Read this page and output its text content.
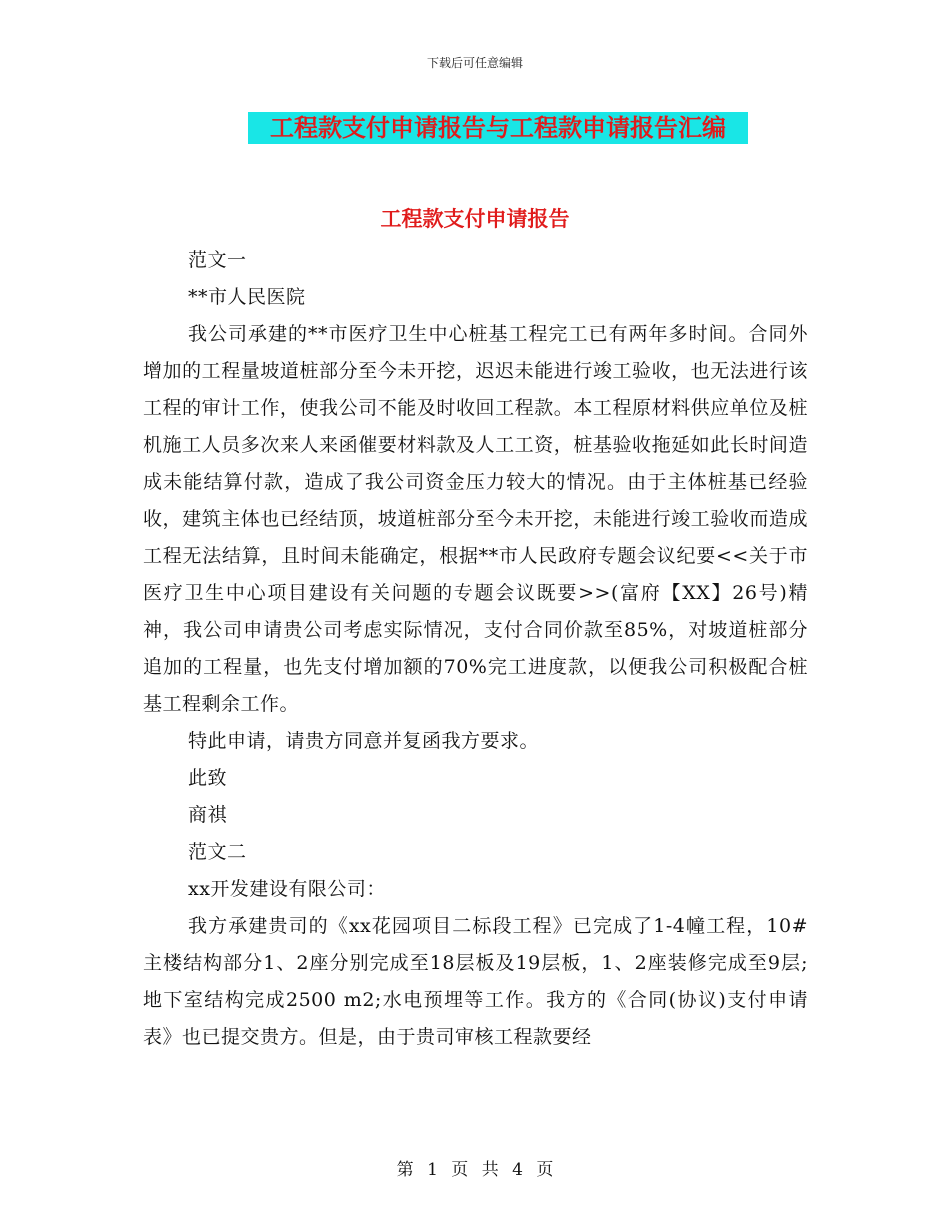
下载后可任意编辑
工程款支付申请报告与工程款申请报告汇编
工程款支付申请报告

范文一

**市人民医院

我公司承建的**市医疗卫生中心桩基工程完工已有两年多时间。合同外增加的工程量坡道桩部分至今未开挖，迟迟未能进行竣工验收，也无法进行该工程的审计工作，使我公司不能及时收回工程款。本工程原材料供应单位及桩机施工人员多次来人来函催要材料款及人工工资，桩基验收拖延如此长时间造成未能结算付款，造成了我公司资金压力较大的情况。由于主体桩基已经验收，建筑主体也已经结顶，坡道桩部分至今未开挖，未能进行竣工验收而造成工程无法结算，且时间未能确定，根据**市人民政府专题会议纪要<<关于市医疗卫生中心项目建设有关问题的专题会议既要>>(富府【XX】26号)精神，我公司申请贵公司考虑实际情况，支付合同价款至85%，对坡道桩部分追加的工程量，也先支付增加额的70%完工进度款，以便我公司积极配合桩基工程剩余工作。

特此申请，请贵方同意并复函我方要求。

此致

商祺

范文二

xx开发建设有限公司：

我方承建贵司的《xx花园项目二标段工程》已完成了1-4幢工程，10#主楼结构部分1、2座分别完成至18层板及19层板，1、2座装修完成至9层;地下室结构完成2500 m2;水电预埋等工作。我方的《合同(协议)支付申请表》也已提交贵方。但是，由于贵司审核工程款要经

第 1 页 共 4 页
